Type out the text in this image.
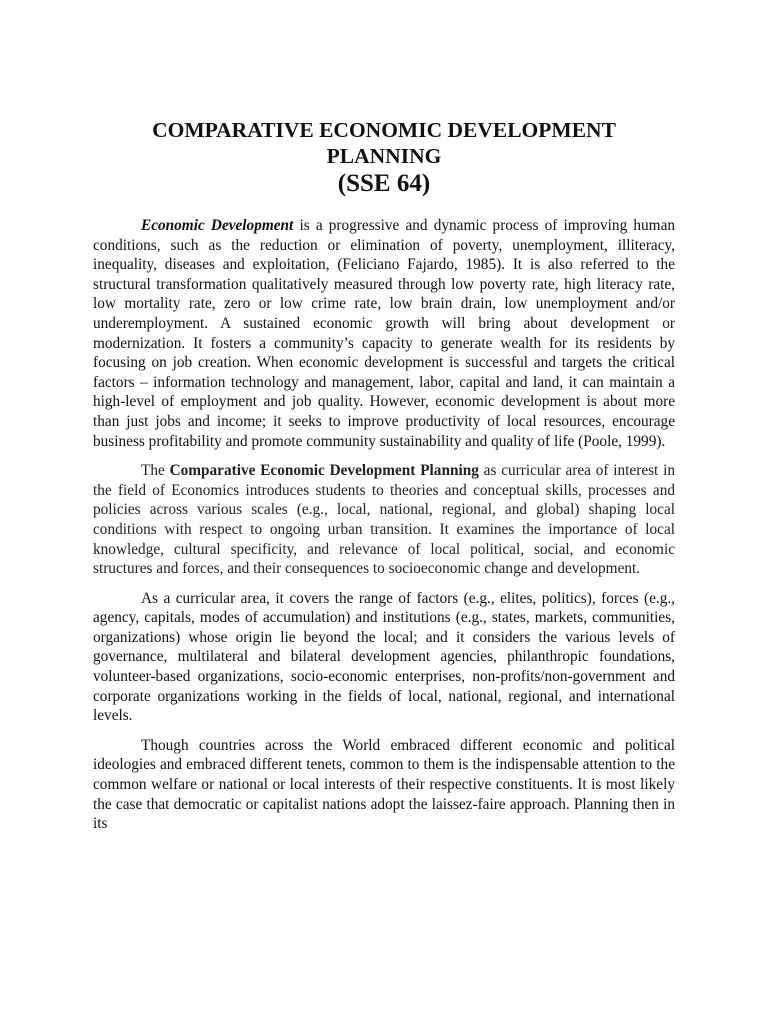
COMPARATIVE ECONOMIC DEVELOPMENT

PLANNING

(SSE 64)

Economic Development is a progressive and dynamic process of improving human conditions, such as the reduction or elimination of poverty, unemployment, illiteracy, inequality, diseases and exploitation, (Feliciano Fajardo, 1985). It is also referred to the structural transformation qualitatively measured through low poverty rate, high literacy rate, low mortality rate, zero or low crime rate, low brain drain, low unemployment and/or underemployment. A sustained economic growth will bring about development or modernization. It fosters a community’s capacity to generate wealth for its residents by focusing on job creation. When economic development is successful and targets the critical factors – information technology and management, labor, capital and land, it can maintain a high-level of employment and job quality. However, economic development is about more than just jobs and income; it seeks to improve productivity of local resources, encourage business profitability and promote community sustainability and quality of life (Poole, 1999).

The Comparative Economic Development Planning as curricular area of interest in the field of Economics introduces students to theories and conceptual skills, processes and policies across various scales (e.g., local, national, regional, and global) shaping local conditions with respect to ongoing urban transition. It examines the importance of local knowledge, cultural specificity, and relevance of local political, social, and economic structures and forces, and their consequences to socioeconomic change and development.

As a curricular area, it covers the range of factors (e.g., elites, politics), forces (e.g., agency, capitals, modes of accumulation) and institutions (e.g., states, markets, communities, organizations) whose origin lie beyond the local; and it considers the various levels of governance, multilateral and bilateral development agencies, philanthropic foundations, volunteer-based organizations, socio-economic enterprises, non-profits/non-government and corporate organizations working in the fields of local, national, regional, and international levels.

Though countries across the World embraced different economic and political ideologies and embraced different tenets, common to them is the indispensable attention to the common welfare or national or local interests of their respective constituents. It is most likely the case that democratic or capitalist nations adopt the laissez-faire approach. Planning then in its
